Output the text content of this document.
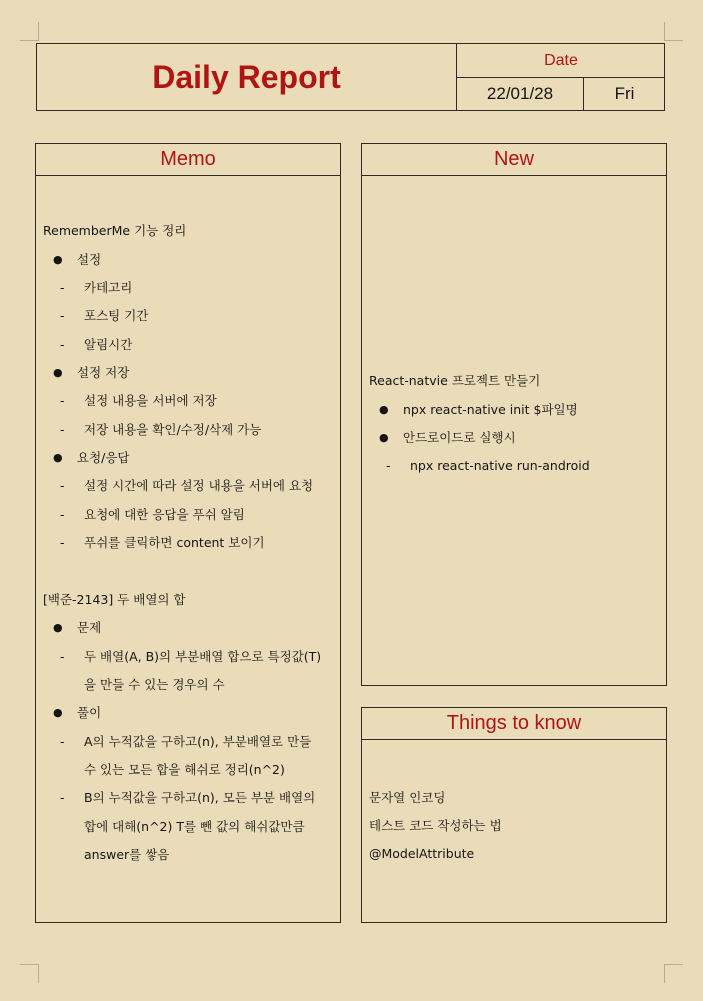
Daily Report	Date
22/01/28	Fri
Memo
RememberMe 기능 정리
● 설정
- 카테고리
- 포스팅 기간
- 알림시간
● 설정 저장
- 설정 내용을 서버에 저장
- 저장 내용을 확인/수정/삭제 가능
● 요청/응답
- 설정 시간에 따라 설정 내용을 서버에 요청
- 요청에 대한 응답을 푸쉬 알림
- 푸쉬를 클릭하면 content 보이기
[백준-2143] 두 배열의 합
● 문제
- 두 배열(A, B)의 부분배열 합으로 특정값(T)
을 만들 수 있는 경우의 수
● 풀이
- A의 누적값을 구하고(n), 부분배열로 만들
수 있는 모든 합을 해쉬로 정리(n^2)
- B의 누적값을 구하고(n), 모든 부분 배열의
합에 대해(n^2) T를 뺀 값의 해쉬값만큼
answer를 쌓음
New
React-natvie 프로젝트 만들기
● npx react-native init $파일명
● 안드로이드로 실행시
- npx react-native run-android
Things to know
문자열 인코딩
테스트 코드 작성하는 법
@ModelAttribute
